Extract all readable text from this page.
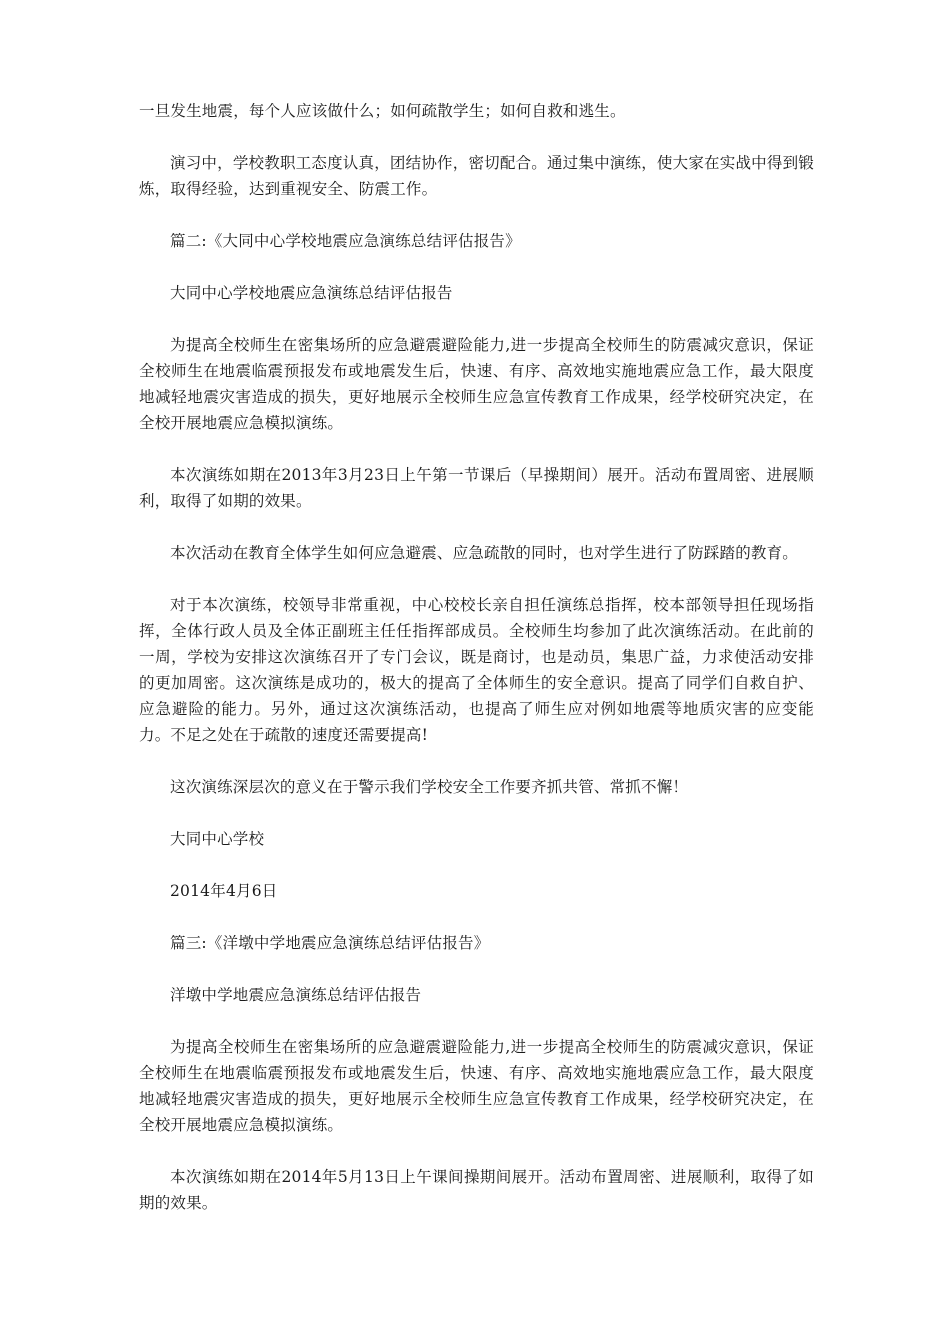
一旦发生地震，每个人应该做什么；如何疏散学生；如何自救和逃生。

演习中，学校教职工态度认真，团结协作，密切配合。通过集中演练，使大家在实战中得到锻炼，取得经验，达到重视安全、防震工作。

篇二:《大同中心学校地震应急演练总结评估报告》

大同中心学校地震应急演练总结评估报告

为提高全校师生在密集场所的应急避震避险能力,进一步提高全校师生的防震减灾意识，保证全校师生在地震临震预报发布或地震发生后，快速、有序、高效地实施地震应急工作，最大限度地减轻地震灾害造成的损失，更好地展示全校师生应急宣传教育工作成果，经学校研究决定，在全校开展地震应急模拟演练。

本次演练如期在2013年3月23日上午第一节课后（早操期间）展开。活动布置周密、进展顺利，取得了如期的效果。

本次活动在教育全体学生如何应急避震、应急疏散的同时，也对学生进行了防踩踏的教育。

对于本次演练，校领导非常重视，中心校校长亲自担任演练总指挥，校本部领导担任现场指挥，全体行政人员及全体正副班主任任指挥部成员。全校师生均参加了此次演练活动。在此前的一周，学校为安排这次演练召开了专门会议，既是商讨，也是动员，集思广益，力求使活动安排的更加周密。这次演练是成功的，极大的提高了全体师生的安全意识。提高了同学们自救自护、应急避险的能力。另外，通过这次演练活动，也提高了师生应对例如地震等地质灾害的应变能力。不足之处在于疏散的速度还需要提高!

这次演练深层次的意义在于警示我们学校安全工作要齐抓共管、常抓不懈！

大同中心学校

2014年4月6日

篇三:《洋墩中学地震应急演练总结评估报告》

洋墩中学地震应急演练总结评估报告

为提高全校师生在密集场所的应急避震避险能力,进一步提高全校师生的防震减灾意识，保证全校师生在地震临震预报发布或地震发生后，快速、有序、高效地实施地震应急工作，最大限度地减轻地震灾害造成的损失，更好地展示全校师生应急宣传教育工作成果，经学校研究决定，在全校开展地震应急模拟演练。

本次演练如期在2014年5月13日上午课间操期间展开。活动布置周密、进展顺利，取得了如期的效果。
